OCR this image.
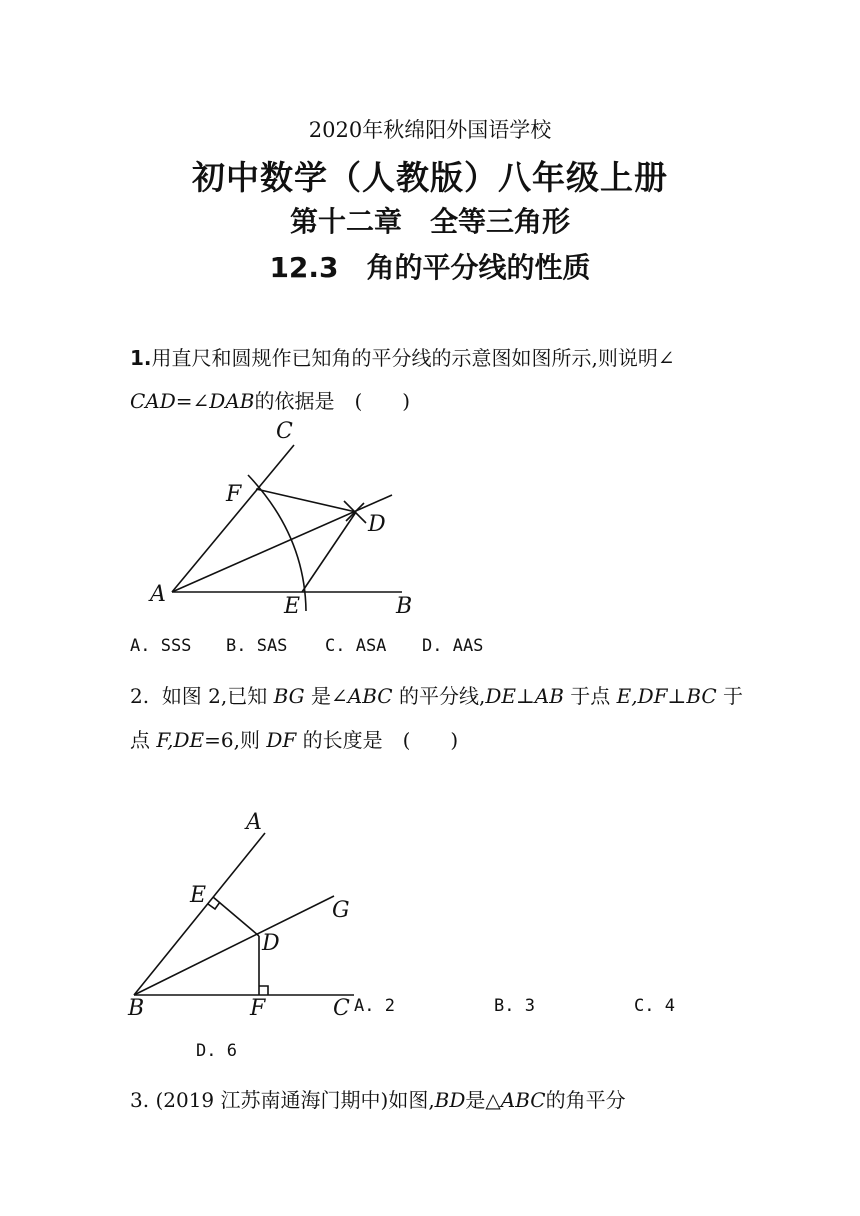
2020年秋绵阳外国语学校
初中数学（人教版）八年级上册
第十二章　全等三角形
12.3　角的平分线的性质
1.用直尺和圆规作已知角的平分线的示意图如图所示,则说明∠
CAD=∠DAB的依据是　(　　)
C
F
D
A	E	B
A. SSS B. SAS C. ASA D. AAS
2. 如图 2,已知 BG 是∠ABC 的平分线,DE⊥AB 于点 E,DF⊥BC 于
点 F,DE=6,则 DF 的长度是　(　　)
A
E
G
D
B	F	C A. 2	B. 3	C. 4
D. 6
3. (2019 江苏南通海门期中)如图,BD是△ABC的角平分
